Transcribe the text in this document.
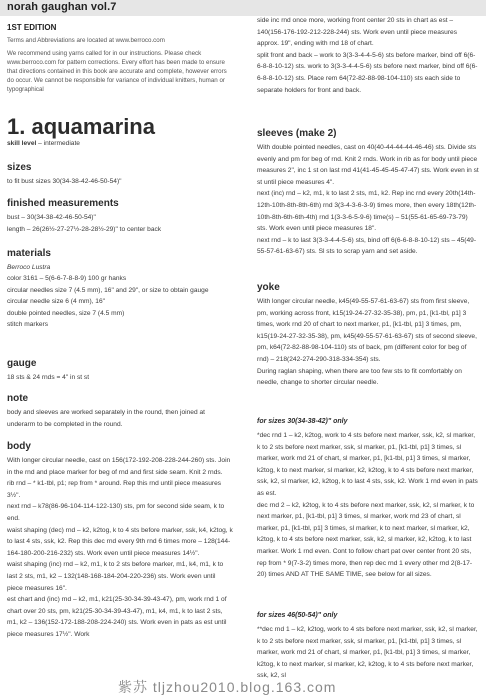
norah gaughan vol.7
1ST EDITION
Terms and Abbreviations are located at www.berroco.com
We recommend using yarns called for in our instructions. Please check www.berroco.com for pattern corrections. Every effort has been made to ensure that directions contained in this book are accurate and complete, however errors do occur. We cannot be responsible for variance of individual knitters, human or typographical
1. aquamarina
skill level – intermediate
sizes
to fit bust sizes 30(34-38-42-46-50-54)"
finished measurements
bust – 30(34-38-42-46-50-54)"
length – 26(26½-27-27½-28-28½-29)" to center back
materials
Berroco Lustra
color 3161 – 5(6-6-7-8-8-9) 100 gr hanks
circular needles size 7 (4.5 mm), 16" and 29", or size to obtain gauge
circular needle size 6 (4 mm), 16"
double pointed needles, size 7 (4.5 mm)
stitch markers
gauge
18 sts & 24 rnds = 4" in st st
note
body and sleeves are worked separately in the round, then joined at underarm to be completed in the round.
body
With longer circular needle, cast on 156(172-192-208-228-244-260) sts. Join in the rnd and place marker for beg of rnd and first side seam. Knit 2 rnds.
rib rnd – * k1-tbl, p1; rep from * around. Rep this rnd until piece measures 3½".
next rnd – k78(86-96-104-114-122-130) sts, pm for second side seam, k to end.
waist shaping (dec) rnd – k2, k2tog, k to 4 sts before marker, ssk, k4, k2tog, k to last 4 sts, ssk, k2. Rep this dec rnd every 9th rnd 6 times more – 128(144-164-180-200-216-232) sts. Work even until piece measures 14½".
waist shaping (inc) rnd – k2, m1, k to 2 sts before marker, m1, k4, m1, k to last 2 sts, m1, k2 – 132(148-168-184-204-220-236) sts. Work even until piece measures 16".
est chart and (inc) rnd – k2, m1, k21(25-30-34-39-43-47), pm, work rnd 1 of chart over 20 sts, pm, k21(25-30-34-39-43-47), m1, k4, m1, k to last 2 sts, m1, k2 – 136(152-172-188-208-224-240) sts. Work even in pats as est until piece measures 17½". Work
side inc rnd once more, working front center 20 sts in chart as est – 140(156-176-192-212-228-244) sts. Work even until piece measures approx. 19", ending with rnd 18 of chart.
split front and back – work to 3(3-3-4-4-5-6) sts before marker, bind off 6(6-6-8-8-10-12) sts. work to 3(3-3-4-4-5-6) sts before next marker, bind off 6(6-6-8-8-10-12) sts. Place rem 64(72-82-88-98-104-110) sts each side to separate holders for front and back.
sleeves (make 2)
With double pointed needles, cast on 40(40-44-44-44-46-46) sts. Divide sts evenly and pm for beg of rnd. Knit 2 rnds. Work in rib as for body until piece measures 2", inc 1 st on last rnd 41(41-45-45-45-47-47) sts. Work even in st st until piece measures 4".
next (inc) rnd – k2, m1, k to last 2 sts, m1, k2. Rep inc rnd every 20th(14th-12th-10th-8th-8th-6th) rnd 3(3-4-3-6-3-9) times more, then every 18th(12th-10th-8th-6th-6th-4th) rnd 1(3-3-6-5-9-6) time(s) – 51(55-61-65-69-73-79) sts. Work even until piece measures 18".
next rnd – k to last 3(3-3-4-4-5-6) sts, bind off 6(6-6-8-8-10-12) sts – 45(49-55-57-61-63-67) sts. Sl sts to scrap yarn and set aside.
yoke
With longer circular needle, k45(49-55-57-61-63-67) sts from first sleeve, pm, working across front, k15(19-24-27-32-35-38), pm, p1, [k1-tbl, p1] 3 times, work rnd 20 of chart to next marker, p1, [k1-tbl, p1] 3 times, pm, k15(19-24-27-32-35-38), pm, k45(49-55-57-61-63-67) sts of second sleeve, pm, k64(72-82-88-98-104-110) sts of back, pm (different color for beg of rnd) – 218(242-274-290-318-334-354) sts.
During raglan shaping, when there are too few sts to fit comfortably on needle, change to shorter circular needle.
for sizes 30(34-38-42)" only
*dec rnd 1 – k2, k2tog, work to 4 sts before next marker, ssk, k2, sl marker, k to 2 sts before next marker, ssk, sl marker, p1, [k1-tbl, p1] 3 times, sl marker, work rnd 21 of chart, sl marker, p1, [k1-tbl, p1] 3 times, sl marker, k2tog, k to next marker, sl marker, k2, k2tog, k to 4 sts before next marker, ssk, k2, sl marker, k2, k2tog, k to last 4 sts, ssk, k2. Work 1 rnd even in pats as est.
dec rnd 2 – k2, k2tog, k to 4 sts before next marker, ssk, k2, sl marker, k to next marker, p1, [k1-tbl, p1] 3 times, sl marker, work rnd 23 of chart, sl marker, p1, [k1-tbl, p1] 3 times, sl marker, k to next marker, sl marker, k2, k2tog, k to 4 sts before next marker, ssk, k2, sl marker, k2, k2tog, k to last marker. Work 1 rnd even. Cont to follow chart pat over center front 20 sts, rep from * 9(7-3-2) times more, then rep dec rnd 1 every other rnd 2(8-17-20) times AND AT THE SAME TIME, see below for all sizes.
for sizes 46(50-54)" only
**dec rnd 1 – k2, k2tog, work to 4 sts before next marker, ssk, k2, sl marker, k to 2 sts before next marker, ssk, sl marker, p1, [k1-tbl, p1] 3 times, sl marker, work rnd 21 of chart, sl marker, p1, [k1-tbl, p1] 3 times, sl marker, k2tog, k to next marker, sl marker, k2, k2tog, k to 4 sts before next marker, ssk, k2, sl
紫苏 tljzhou2010.blog.163.com
